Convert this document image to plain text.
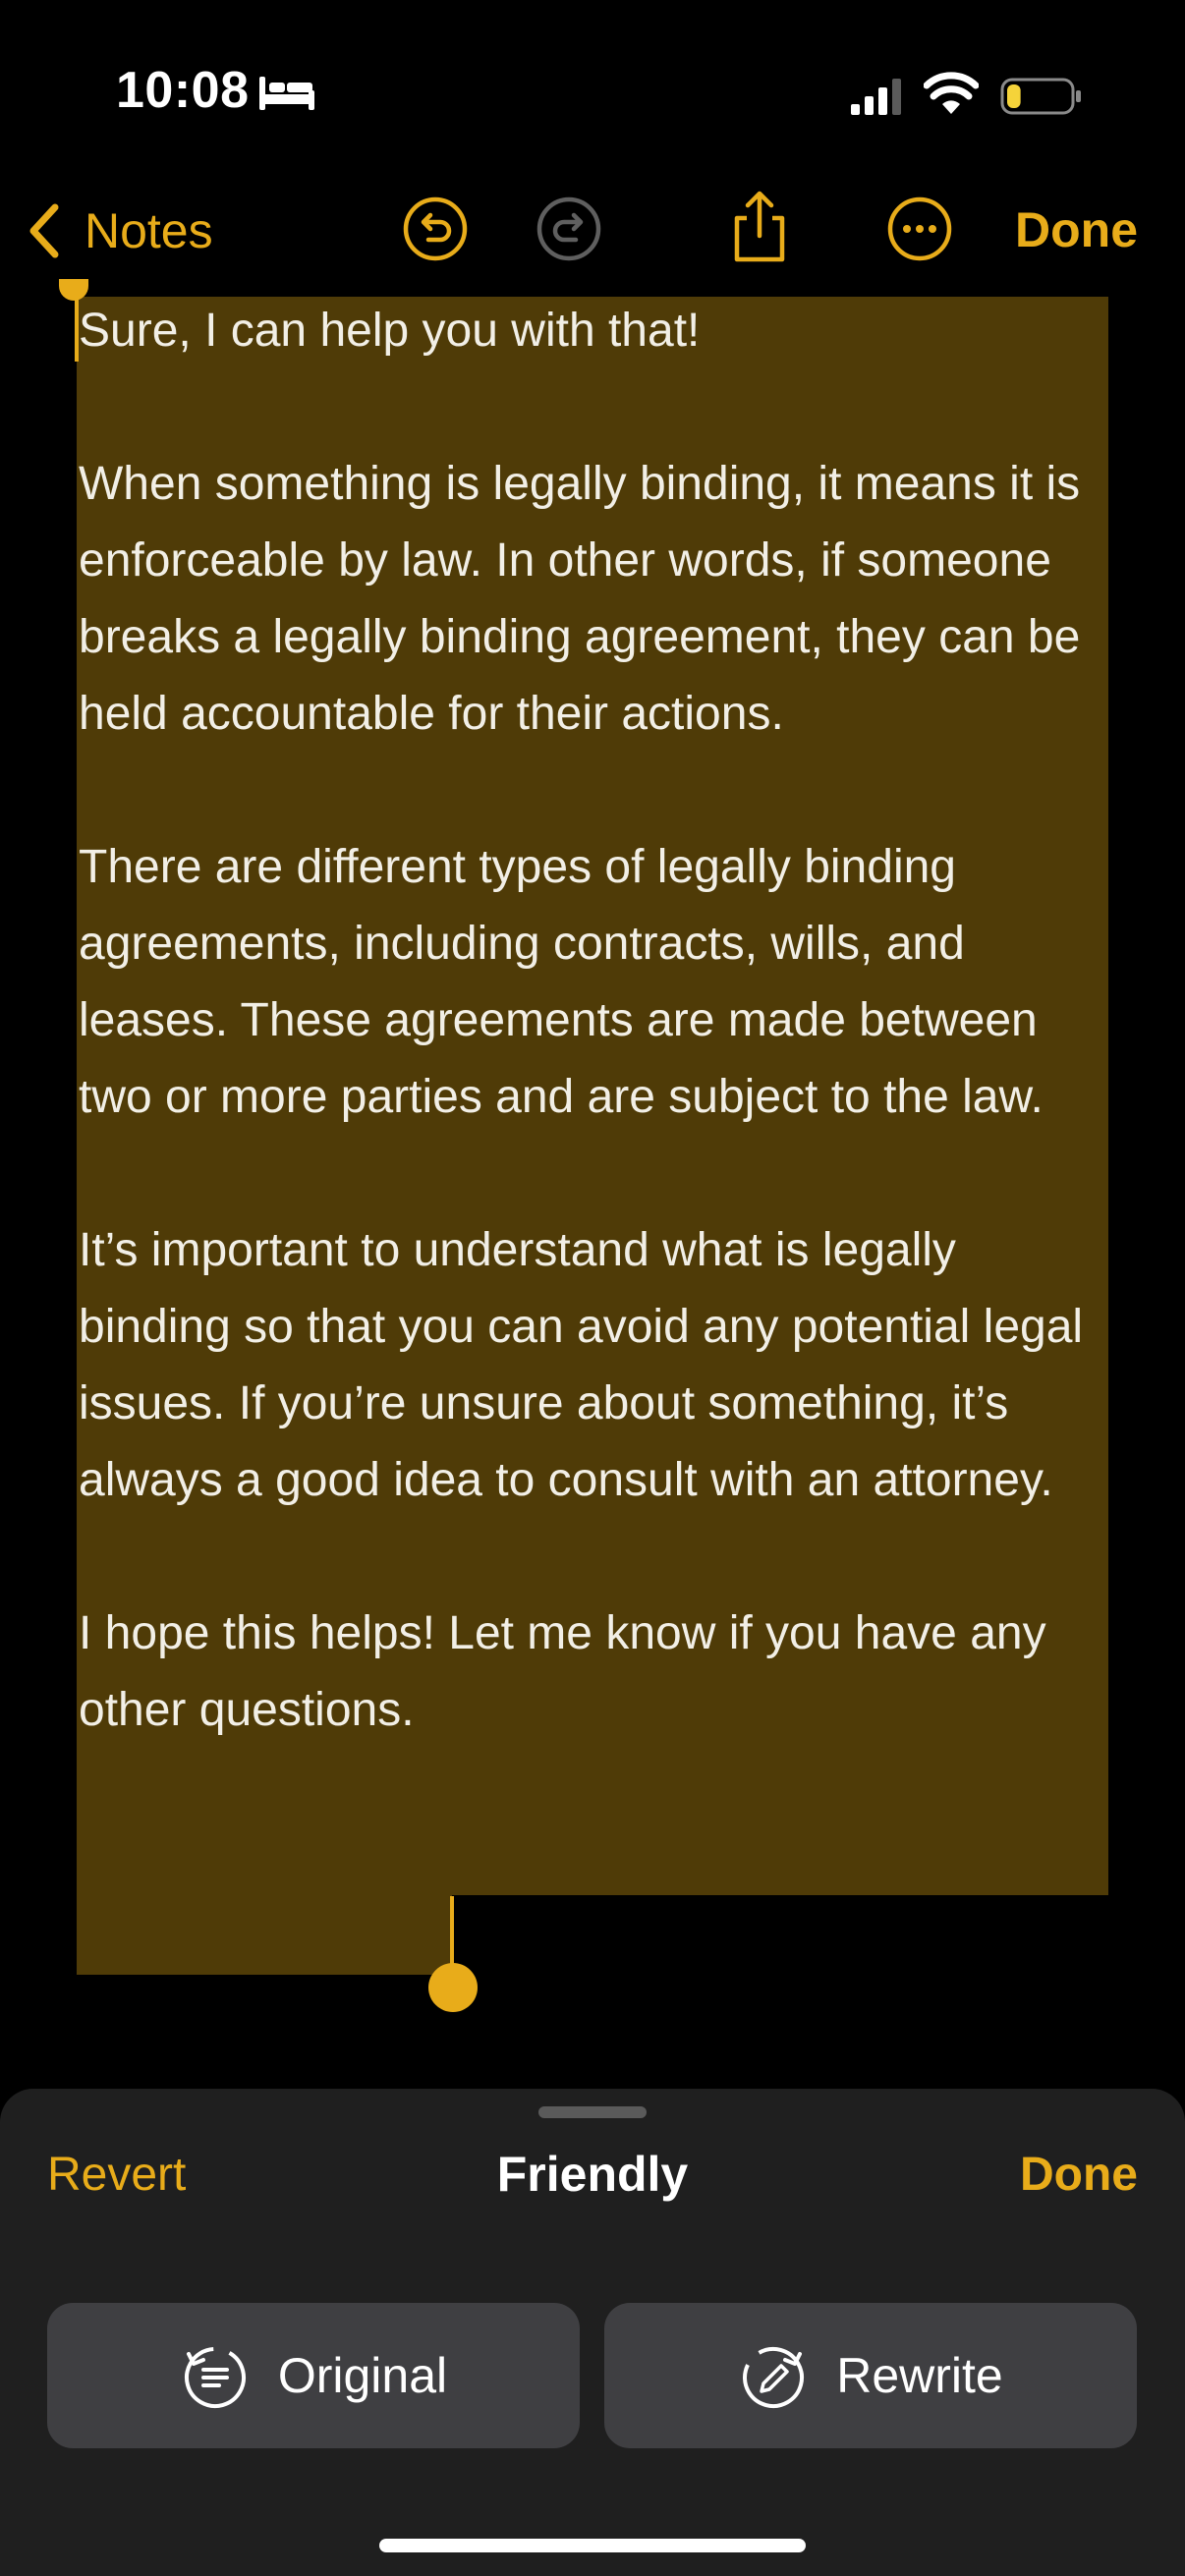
10:08
Notes	Done

Sure, I can help you with that!

When something is legally binding, it means it is enforceable by law. In other words, if someone breaks a legally binding agreement, they can be held accountable for their actions.

There are different types of legally binding agreements, including contracts, wills, and leases. These agreements are made between two or more parties and are subject to the law.

It’s important to understand what is legally binding so that you can avoid any potential legal issues. If you’re unsure about something, it’s always a good idea to consult with an attorney.

I hope this helps! Let me know if you have any other questions.

Revert	Friendly	Done
Original	Rewrite
